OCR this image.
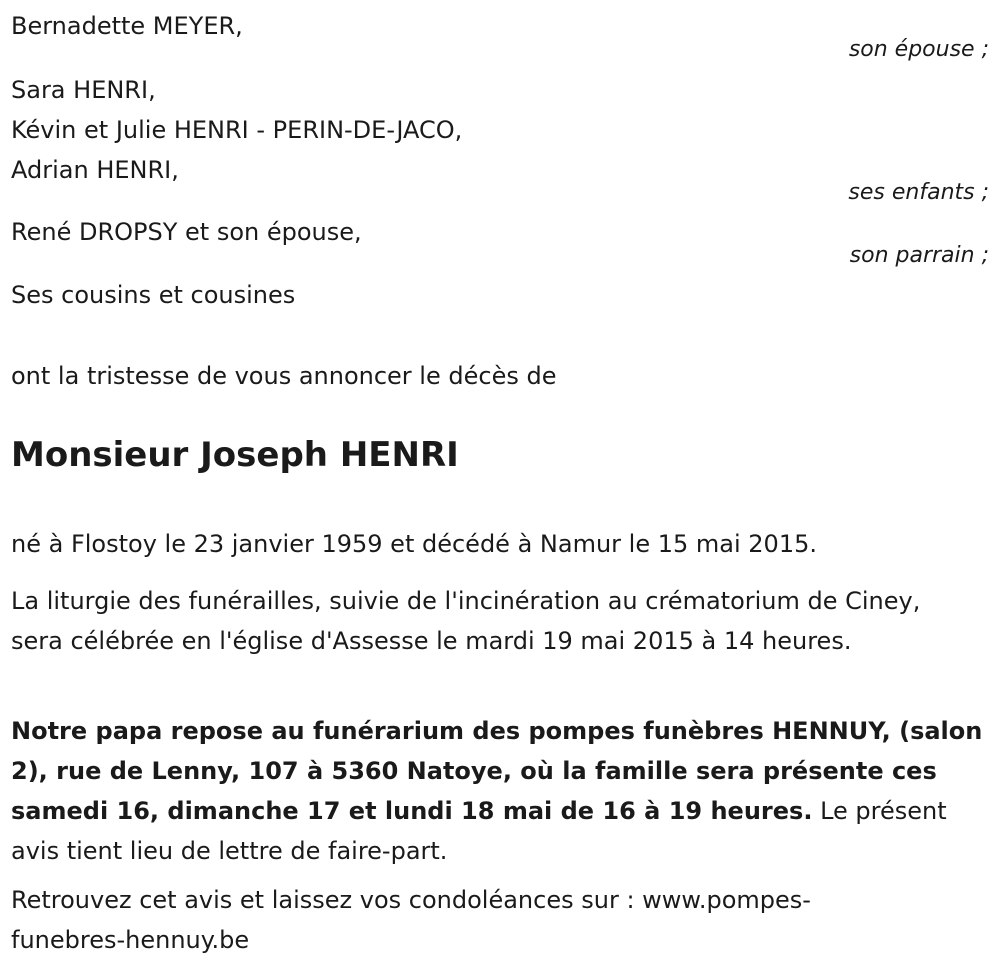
Bernadette MEYER,
son épouse ;
Sara HENRI,
Kévin et Julie HENRI - PERIN-DE-JACO,
Adrian HENRI,
ses enfants ;
René DROPSY et son épouse,
son parrain ;
Ses cousins et cousines
ont la tristesse de vous annoncer le décès de
Monsieur Joseph HENRI

né à Flostoy le 23 janvier 1959 et décédé à Namur le 15 mai 2015.

La liturgie des funérailles, suivie de l'incinération au crématorium de Ciney, sera célébrée en l'église d'Assesse le mardi 19 mai 2015 à 14 heures.

Notre papa repose au funérarium des pompes funèbres HENNUY, (salon 2), rue de Lenny, 107 à 5360 Natoye, où la famille sera présente ces samedi 16, dimanche 17 et lundi 18 mai de 16 à 19 heures. Le présent avis tient lieu de lettre de faire-part.

Retrouvez cet avis et laissez vos condoléances sur : www.pompes-funebres-hennuy.be
